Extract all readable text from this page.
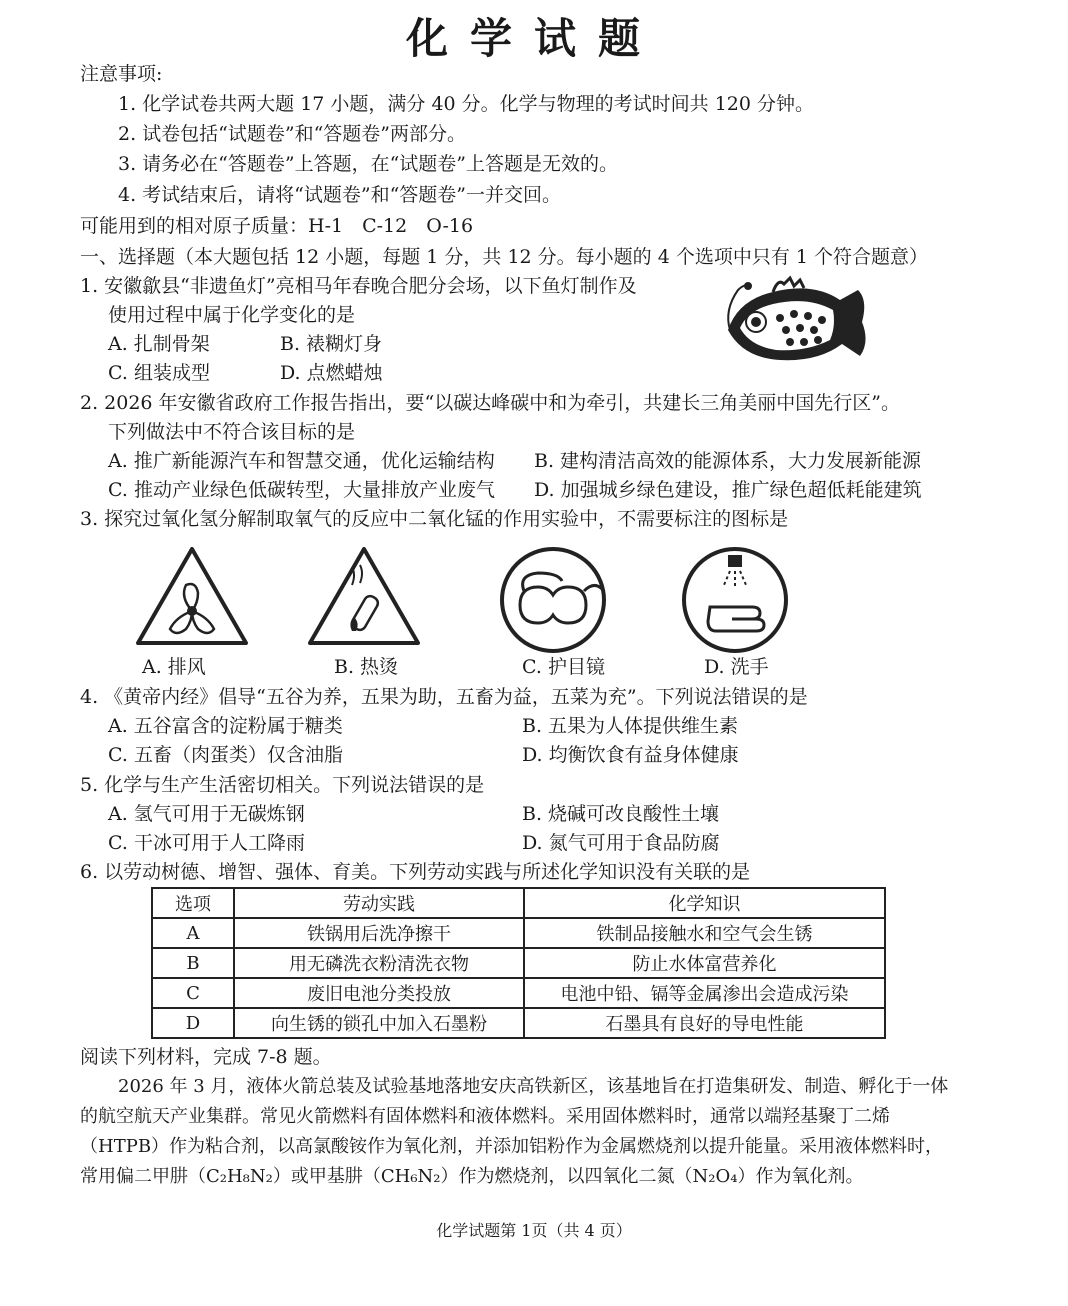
化学试题
注意事项:
1. 化学试卷共两大题 17 小题，满分 40 分。化学与物理的考试时间共 120 分钟。
2. 试卷包括“试题卷”和“答题卷”两部分。
3. 请务必在“答题卷”上答题，在“试题卷”上答题是无效的。
4. 考试结束后，请将“试题卷”和“答题卷”一并交回。
可能用到的相对原子质量：H-1　C-12　O-16
一、选择题（本大题包括 12 小题，每题 1 分，共 12 分。每小题的 4 个选项中只有 1 个符合题意）
1. 安徽歙县“非遗鱼灯”亮相马年春晚合肥分会场，以下鱼灯制作及
使用过程中属于化学变化的是
A. 扎制骨架	B. 裱糊灯身
C. 组装成型	D. 点燃蜡烛
2. 2026 年安徽省政府工作报告指出，要“以碳达峰碳中和为牵引，共建长三角美丽中国先行区”。
下列做法中不符合该目标的是
A. 推广新能源汽车和智慧交通，优化运输结构 B. 建构清洁高效的能源体系，大力发展新能源
C. 推动产业绿色低碳转型，大量排放产业废气 D. 加强城乡绿色建设，推广绿色超低耗能建筑
3. 探究过氧化氢分解制取氧气的反应中二氧化锰的作用实验中，不需要标注的图标是
A. 排风	B. 热烫	C. 护目镜	D. 洗手
4. 《黄帝内经》倡导“五谷为养，五果为助，五畜为益，五菜为充”。下列说法错误的是
A. 五谷富含的淀粉属于糖类	B. 五果为人体提供维生素
C. 五畜（肉蛋类）仅含油脂	D. 均衡饮食有益身体健康
5. 化学与生产生活密切相关。下列说法错误的是
A. 氢气可用于无碳炼钢	B. 烧碱可改良酸性土壤
C. 干冰可用于人工降雨	D. 氮气可用于食品防腐
6. 以劳动树德、增智、强体、育美。下列劳动实践与所述化学知识没有关联的是
选项	劳动实践	化学知识
A	铁锅用后洗净擦干	铁制品接触水和空气会生锈
B	用无磷洗衣粉清洗衣物	防止水体富营养化
C	废旧电池分类投放	电池中铅、镉等金属渗出会造成污染
D	向生锈的锁孔中加入石墨粉	石墨具有良好的导电性能
阅读下列材料，完成 7-8 题。
2026 年 3 月，液体火箭总装及试验基地落地安庆高铁新区，该基地旨在打造集研发、制造、孵化于一体的航空航天产业集群。常见火箭燃料有固体燃料和液体燃料。采用固体燃料时，通常以端羟基聚丁二烯（HTPB）作为粘合剂，以高氯酸铵作为氧化剂，并添加铝粉作为金属燃烧剂以提升能量。采用液体燃料时，常用偏二甲肼（C₂H₈N₂）或甲基肼（CH₆N₂）作为燃烧剂，以四氧化二氮（N₂O₄）作为氧化剂。
化学试题第 1页（共 4 页）
